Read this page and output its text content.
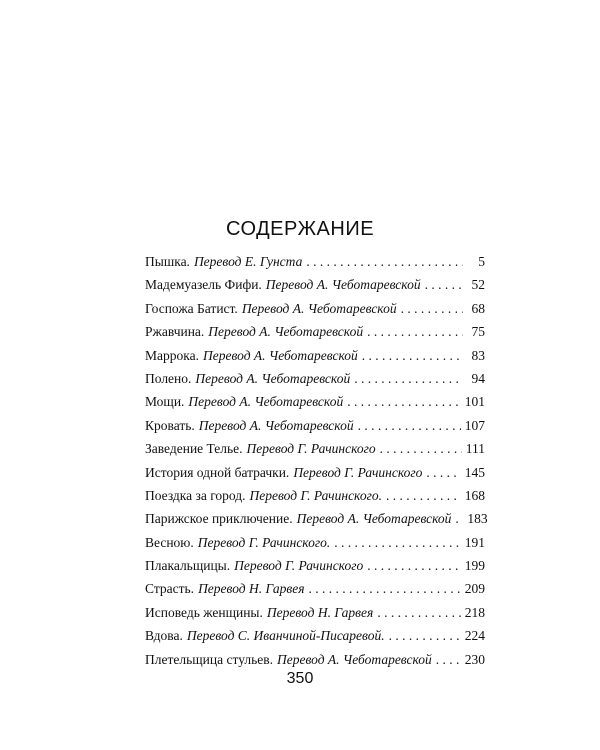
СОДЕРЖАНИЕ
Пышка. Перевод Е. Гунста . . .	5
Мадемуазель Фифи. Перевод А. Чеботаревской . . .	52
Госпожа Батист. Перевод А. Чеботаревской . . .	68
Ржавчина. Перевод А. Чеботаревской . . .	75
Маррока. Перевод А. Чеботаревской . . .	83
Полено. Перевод А. Чеботаревской . . .	94
Мощи. Перевод А. Чеботаревской . . .	101
Кровать. Перевод А. Чеботаревской . . .	107
Заведение Телье. Перевод Г. Рачинского . . .	111
История одной батрачки. Перевод Г. Рачинского . . .	145
Поездка за город. Перевод Г. Рачинского. . . .	168
Парижское приключение. Перевод А. Чеботаревской . . . 183
Весною. Перевод Г. Рачинского. . . .	191
Плакальщицы. Перевод Г. Рачинского . . .	199
Страсть. Перевод Н. Гарвея . . .	209
Исповедь женщины. Перевод Н. Гарвея . . .	218
Вдова. Перевод С. Иванчиной-Писаревой. . . .	224
Плетельщица стульев. Перевод А. Чеботаревской . . . 230
350
